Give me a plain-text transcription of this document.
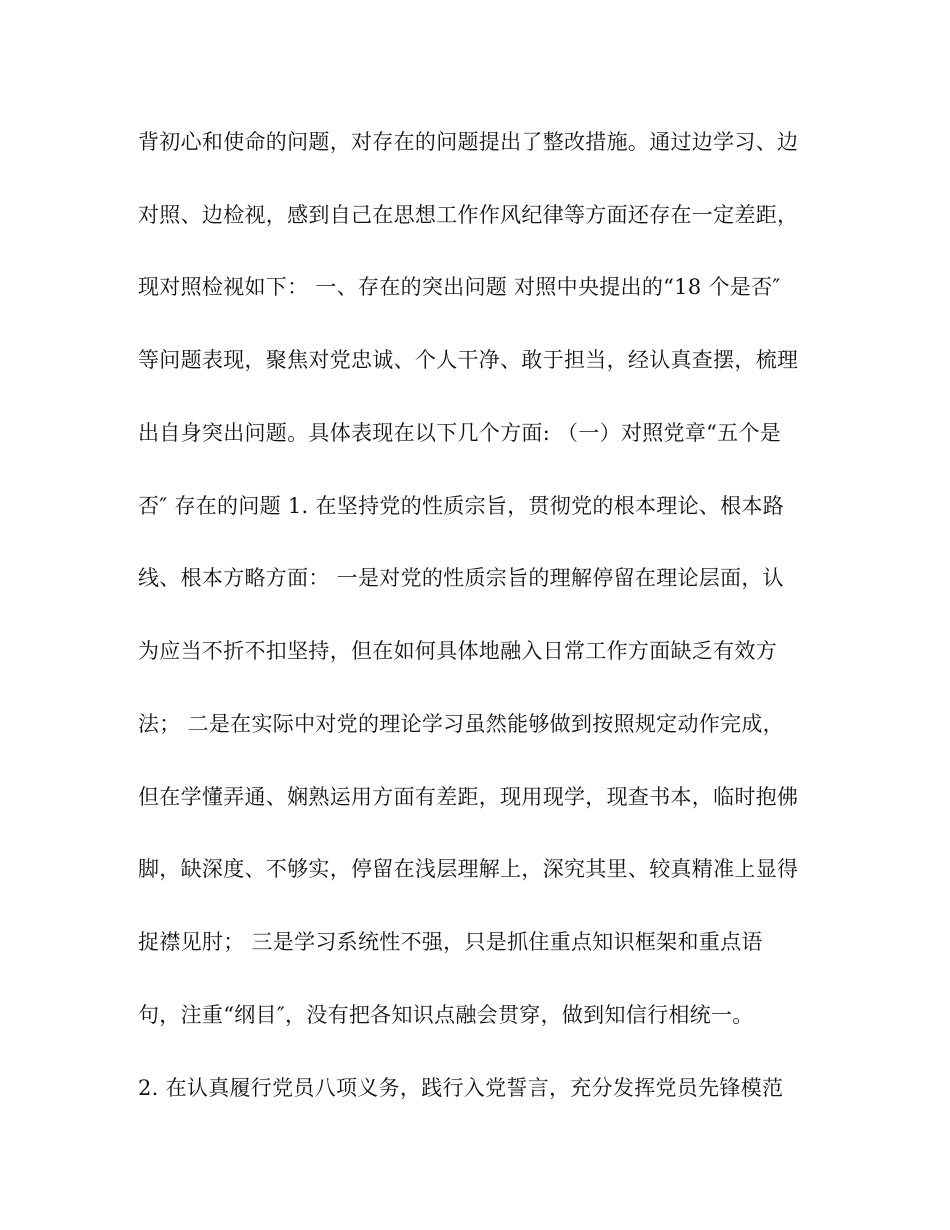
背初心和使命的问题，对存在的问题提出了整改措施。通过边学习、边
对照、边检视，感到自己在思想工作作风纪律等方面还存在一定差距，
现对照检视如下： 一、存在的突出问题 对照中央提出的“18 个是否″
等问题表现，聚焦对党忠诚、个人干净、敢于担当，经认真查摆，梳理
出自身突出问题。具体表现在以下几个方面: （一）对照党章“五个是
否″ 存在的问题 1. 在坚持党的性质宗旨，贯彻党的根本理论、根本路
线、根本方略方面： 一是对党的性质宗旨的理解停留在理论层面，认
为应当不折不扣坚持，但在如何具体地融入日常工作方面缺乏有效方
法； 二是在实际中对党的理论学习虽然能够做到按照规定动作完成，
但在学懂弄通、娴熟运用方面有差距，现用现学，现查书本，临时抱佛
脚，缺深度、不够实，停留在浅层理解上，深究其里、较真精准上显得
捉襟见肘； 三是学习系统性不强，只是抓住重点知识框架和重点语
句，注重“纲目″，没有把各知识点融会贯穿，做到知信行相统一。
2. 在认真履行党员八项义务，践行入党誓言，充分发挥党员先锋模范
